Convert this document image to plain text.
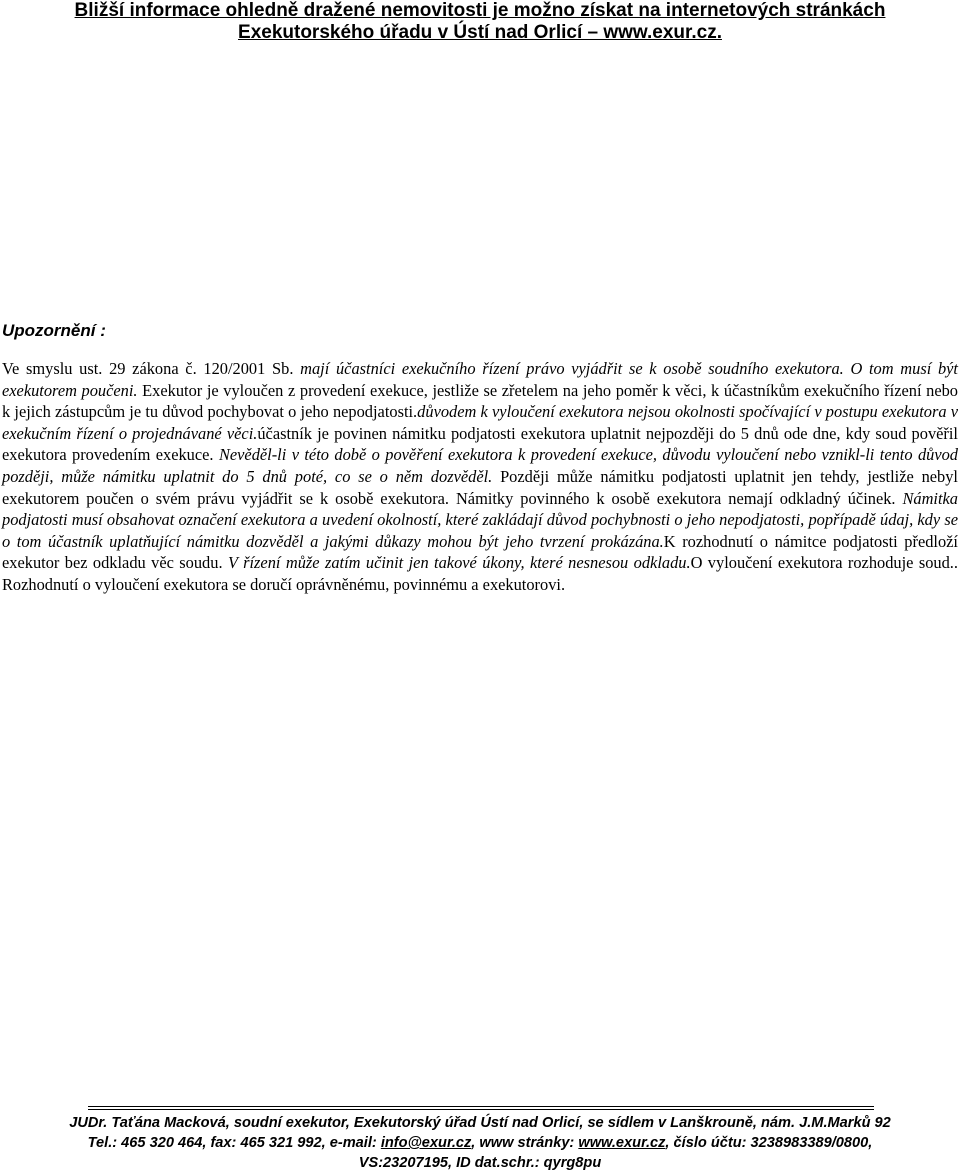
Bližší informace ohledně dražené nemovitosti je možno získat na internetových stránkách
Exekutorského úřadu v Ústí nad Orlicí – www.exur.cz.
Upozornění :
Ve smyslu ust. 29 zákona č. 120/2001 Sb. mají účastníci exekučního řízení právo vyjádřit se k osobě soudního exekutora. O tom musí být exekutorem poučeni. Exekutor je vyloučen z provedení exekuce, jestliže se zřetelem na jeho poměr k věci, k účastníkům exekučního řízení nebo k jejich zástupcům je tu důvod pochybovat o jeho nepodjatosti.důvodem k vyloučení exekutora nejsou okolnosti spočívající v postupu exekutora v exekučním řízení o projednávané věci.účastník je povinen námitku podjatosti exekutora uplatnit nejpozději do 5 dnů ode dne, kdy soud pověřil exekutora provedením exekuce. Nevěděl-li v této době o pověření exekutora k provedení exekuce, důvodu vyloučení nebo vznikl-li tento důvod později, může námitku uplatnit do 5 dnů poté, co se o něm dozvěděl. Později může námitku podjatosti uplatnit jen tehdy, jestliže nebyl exekutorem poučen o svém právu vyjádřit se k osobě exekutora. Námitky povinného k osobě exekutora nemají odkladný účinek. Námitka podjatosti musí obsahovat označení exekutora a uvedení okolností, které zakládají důvod pochybnosti o jeho nepodjatosti, popřípadě údaj, kdy se o tom účastník uplatňující námitku dozvěděl a jakými důkazy mohou být jeho tvrzení prokázána.K rozhodnutí o námitce podjatosti předloží exekutor bez odkladu věc soudu. V řízení může zatím učinit jen takové úkony, které nesnesou odkladu.O vyloučení exekutora rozhoduje soud.. Rozhodnutí o vyloučení exekutora se doručí oprávněnému, povinnému a exekutorovi.
JUDr. Taťána Macková, soudní exekutor, Exekutorský úřad Ústí nad Orlicí, se sídlem v Lanškrouně, nám. J.M.Marků 92
Tel.: 465 320 464, fax: 465 321 992, e-mail: info@exur.cz, www stránky: www.exur.cz, číslo účtu: 3238983389/0800,
VS:23207195, ID dat.schr.: qyrg8pu
